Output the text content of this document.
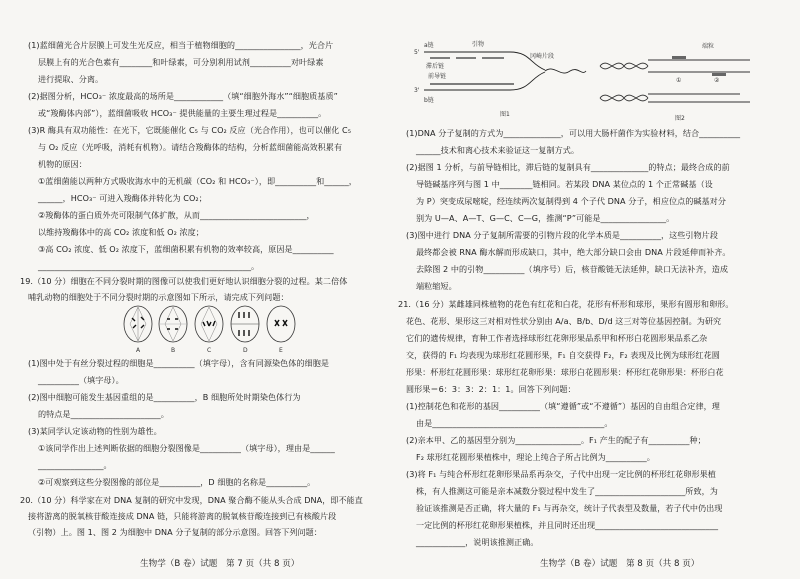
(1)蓝细菌光合片层膜上可发生光反应，相当于植物细胞的________________，光合片
层膜上有的光合色素有________和叶绿素，可分别利用试剂__________对叶绿素
进行提取、分离。
(2)据图分析，HCO₃⁻ 浓度最高的场所是____________（填“细胞外海水”“细胞质基质”
或“羧酶体内部”），蓝细菌吸收 HCO₃⁻ 提供能量的主要生理过程是__________。
(3)R 酶具有双功能性：在光下，它既能催化 C₅ 与 CO₂ 反应（光合作用），也可以催化 C₅
与 O₂ 反应（光呼吸，消耗有机物）。请结合羧酶体的结构，分析蓝细菌能高效积累有
机物的原因：
①蓝细菌能以两种方式吸收海水中的无机碳（CO₂ 和 HCO₃⁻），即__________和______，
______，HCO₃⁻ 可进入羧酶体并转化为 CO₂；
②羧酶体的蛋白质外壳可限制气体扩散，从而__________________________，
以维持羧酶体中的高 CO₂ 浓度和低 O₂ 浓度；
③高 CO₂ 浓度、低 O₂ 浓度下，蓝细菌积累有机物的效率较高，原因是__________
____________________________________________________。
19.（10 分）细胞在不同分裂时期的图像可以使我们更好地认识细胞分裂的过程。某二倍体
哺乳动物的细胞处于不同分裂时期的示意图如下所示，请完成下列问题：
A	B	C	D	E
(1)图中处于有丝分裂过程的细胞是__________（填字母），含有同源染色体的细胞是
__________（填字母）。
(2)图中细胞可能发生基因重组的是__________，B 细胞所处时期染色体行为
的特点是______________________。
(3)某同学认定该动物的性别为雄性。
①该同学作出上述判断依据的细胞分裂图像是__________（填字母），理由是______
________________。
②可观察到这些分裂图像的部位是__________，D 细胞的名称是__________。
20.（10 分）科学家在对 DNA 复制的研究中发现，DNA 聚合酶不能从头合成 DNA，即不能直
接将游离的脱氧核苷酸连接成 DNA 链，只能将游离的脱氧核苷酸连接到已有核酸片段
（引物）上。图 1、图 2 为细胞中 DNA 分子复制的部分示意图。回答下列问题：
生物学（B 卷）试题　第 7 页（共 8 页）
a链
滞后链
引物
b链
前导链
冈崎片段
5'
3'
图1
端粒
①	②
图2
(1)DNA 分子复制的方式为______________，可以用大肠杆菌作为实验材料，结合__________
______技术和离心技术来验证这一复制方式。
(2)据图 1 分析，与前导链相比，滞后链的复制具有______________的特点；最终合成的前
导链碱基序列与图 1 中________链相同。若某段 DNA 某位点的 1 个正常碱基（设
为 P）突变成尿嘧啶，经连续两次复制得到 4 个子代 DNA 分子，相应位点的碱基对分
别为 U—A、A—T、G—C、C—G，推测“P”可能是________________。
(3)图中进行 DNA 分子复制所需要的引物片段的化学本质是__________，这些引物片段
最终都会被 RNA 酶水解而形成缺口，其中，绝大部分缺口会由 DNA 片段延伸而补齐。
去除图 2 中的引物__________（填序号）后，核苷酸链无法延伸，缺口无法补齐，造成
端粒缩短。
21.（16 分）某雌雄同株植物的花色有红花和白花，花形有杯形和球形，果形有圆形和卵形。
花色、花形、果形这三对相对性状分别由 A/a、B/b、D/d 这三对等位基因控制。为研究
它们的遗传规律，育种工作者选择球形红花卵形果品系甲和杯形白花圆形果品系乙杂
交，获得的 F₁ 均表现为球形红花圆形果，F₁ 自交获得 F₂，F₂ 表现及比例为球形红花圆
形果：杯形红花圆形果：球形红花卵形果：球形白花圆形果：杯形红花卵形果：杯形白花
圆形果＝6：3：3：2：1：1。回答下列问题：
(1)控制花色和花形的基因__________（填“遵循”或“不遵循”）基因的自由组合定律，理
由是__________________________________________。
(2)亲本甲、乙的基因型分别为________________。F₁ 产生的配子有__________种；
F₂ 球形红花圆形果植株中，理论上纯合子所占比例为__________。
(3)将 F₁ 与纯合杯形红花卵形果品系再杂交，子代中出现一定比例的杯形红花卵形果植
株，有人推测这可能是亲本减数分裂过程中发生了______________________所致，为
验证该推测是否正确，将大量的 F₁ 与再杂交，统计子代表型及数量，若子代中仍出现
一定比例的杯形红花卵形果植株，并且同时还出现______________________________
____________，说明该推测正确。
生物学（B 卷）试题　第 8 页（共 8 页）
